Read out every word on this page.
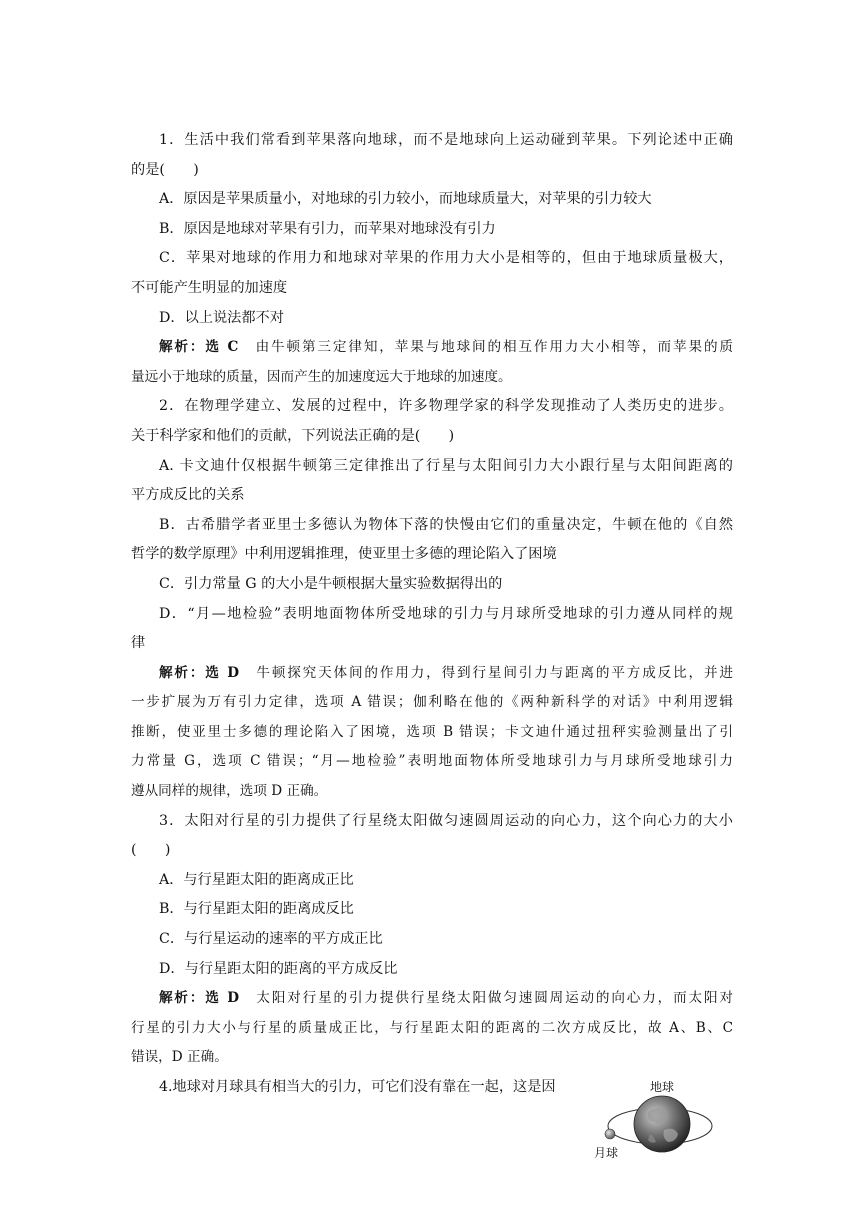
1．生活中我们常看到苹果落向地球，而不是地球向上运动碰到苹果。下列论述中正确
的是(　　)
A．原因是苹果质量小，对地球的引力较小，而地球质量大，对苹果的引力较大
B．原因是地球对苹果有引力，而苹果对地球没有引力
C．苹果对地球的作用力和地球对苹果的作用力大小是相等的，但由于地球质量极大，
不可能产生明显的加速度
D．以上说法都不对
解析：选 C　由牛顿第三定律知，苹果与地球间的相互作用力大小相等，而苹果的质
量远小于地球的质量，因而产生的加速度远大于地球的加速度。
2．在物理学建立、发展的过程中，许多物理学家的科学发现推动了人类历史的进步。
关于科学家和他们的贡献，下列说法正确的是(　　)
A. 卡文迪什仅根据牛顿第三定律推出了行星与太阳间引力大小跟行星与太阳间距离的
平方成反比的关系
B．古希腊学者亚里士多德认为物体下落的快慢由它们的重量决定，牛顿在他的《自然
哲学的数学原理》中利用逻辑推理，使亚里士多德的理论陷入了困境
C．引力常量 G 的大小是牛顿根据大量实验数据得出的
D．“月—地检验”表明地面物体所受地球的引力与月球所受地球的引力遵从同样的规
律
解析：选 D　牛顿探究天体间的作用力，得到行星间引力与距离的平方成反比，并进
一步扩展为万有引力定律，选项 A 错误；伽利略在他的《两种新科学的对话》中利用逻辑
推断，使亚里士多德的理论陷入了困境，选项 B 错误；卡文迪什通过扭秤实验测量出了引
力常量 G，选项 C 错误；“月—地检验”表明地面物体所受地球引力与月球所受地球引力
遵从同样的规律，选项 D 正确。
3．太阳对行星的引力提供了行星绕太阳做匀速圆周运动的向心力，这个向心力的大小
(　　)
A．与行星距太阳的距离成正比
B．与行星距太阳的距离成反比
C．与行星运动的速率的平方成正比
D．与行星距太阳的距离的平方成反比
解析：选 D　太阳对行星的引力提供行星绕太阳做匀速圆周运动的向心力，而太阳对
行星的引力大小与行星的质量成正比，与行星距太阳的距离的二次方成反比，故 A、B、C
错误，D 正确。
4.地球对月球具有相当大的引力，可它们没有靠在一起，这是因	地球
月球
